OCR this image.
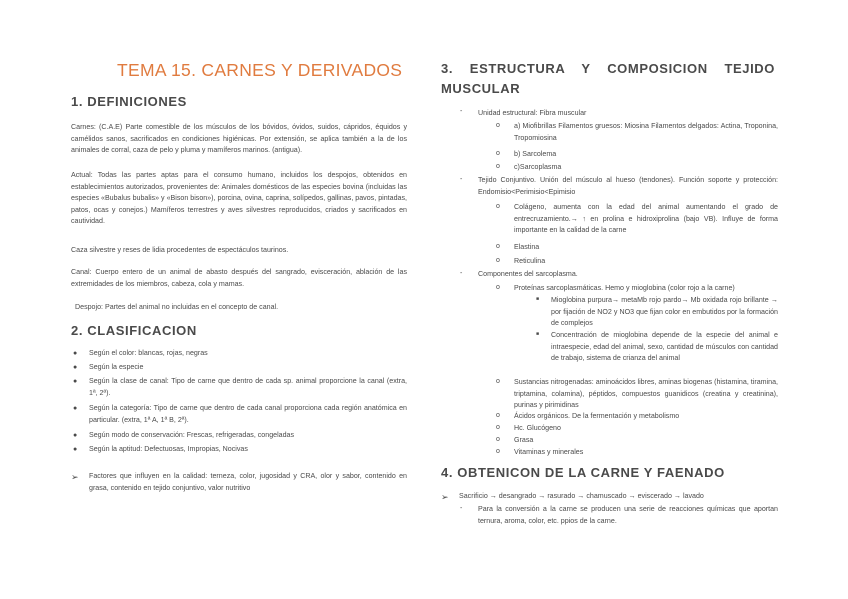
TEMA 15. CARNES Y DERIVADOS
1. DEFINICIONES
Carnes: (C.A.E) Parte comestible de los músculos de los bóvidos, óvidos, suidos, cápridos, équidos y camélidos sanos, sacrificados en condiciones higiénicas. Por extensión, se aplica también a la de los animales de corral, caza de pelo y pluma y mamíferos marinos. (antigua).
Actual: Todas las partes aptas para el consumo humano, incluidos los despojos, obtenidos en establecimientos autorizados, provenientes de: Animales domésticos de las especies bovina (incluidas las especies «Bubalus bubalis» y «Bison bison»), porcina, ovina, caprina, solípedos, gallinas, pavos, pintadas, patos, ocas y conejos.) Mamíferos terrestres y aves silvestres reproducidos, criados y sacrificados en cautividad.
Caza silvestre y reses de lidia procedentes de espectáculos taurinos.
Canal: Cuerpo entero de un animal de abasto después del sangrado, evisceración, ablación de las extremidades de los miembros, cabeza, cola y mamas.
Despojo: Partes del animal no incluidas en el concepto de canal.
2. CLASIFICACION
● Según el color: blancas, rojas, negras
● Según la especie
● Según la clase de canal: Tipo de carne que dentro de cada sp. animal proporcione la canal (extra, 1ª, 2ª).
● Según la categoría: Tipo de carne que dentro de cada canal proporciona cada región anatómica en particular. (extra, 1ª A, 1ª B, 2ª).
● Según modo de conservación: Frescas, refrigeradas, congeladas
● Según la aptitud: Defectuosas, Impropias, Nocivas
➢ Factores que influyen en la calidad: terneza, color, jugosidad y CRA, olor y sabor, contenido en grasa, contenido en tejido conjuntivo, valor nutritivo
3. ESTRUCTURA Y COMPOSICION TEJIDO MUSCULAR
- Unidad estructural: Fibra muscular
o a) Miofibrillas Filamentos gruesos: Miosina Filamentos delgados: Actina, Troponina, Tropomiosina
o b) Sarcolema
o c)Sarcoplasma
- Tejido Conjuntivo. Unión del músculo al hueso (tendones). Función soporte y protección: Endomisio<Perimisio<Epimisio
o Colágeno, aumenta con la edad del animal aumentando el grado de entrecruzamiento.→ ↑ en prolina e hidroxiprolina (bajo VB). Influye de forma importante en la calidad de la carne
o Elastina
o Reticulina
- Componentes del sarcoplasma.
o Proteínas sarcoplasmáticas. Hemo y mioglobina (color rojo a la carne)
■ Mioglobina purpura→ metaMb rojo pardo→ Mb oxidada rojo brillante → por fijación de NO2 y NO3 que fijan color en embutidos por la formación de complejos
■ Concentración de mioglobina depende de la especie del animal e intraespecie, edad del animal, sexo, cantidad de músculos con cantidad de trabajo, sistema de crianza del animal
o Sustancias nitrogenadas: aminoácidos libres, aminas biogenas (histamina, tiramina, triptamina, colamina), péptidos, compuestos guanidicos (creatina y creatinina), purinas y pirimidinas
o Ácidos orgánicos. De la fermentación y metabolismo
o Hc. Glucógeno
o Grasa
o Vitaminas y minerales
4. OBTENICON DE LA CARNE Y FAENADO
➢ Sacrificio → desangrado → rasurado → chamuscado → eviscerado → lavado
- Para la conversión a la carne se producen una serie de reacciones químicas que aportan ternura, aroma, color, etc. ppios de la carne.
